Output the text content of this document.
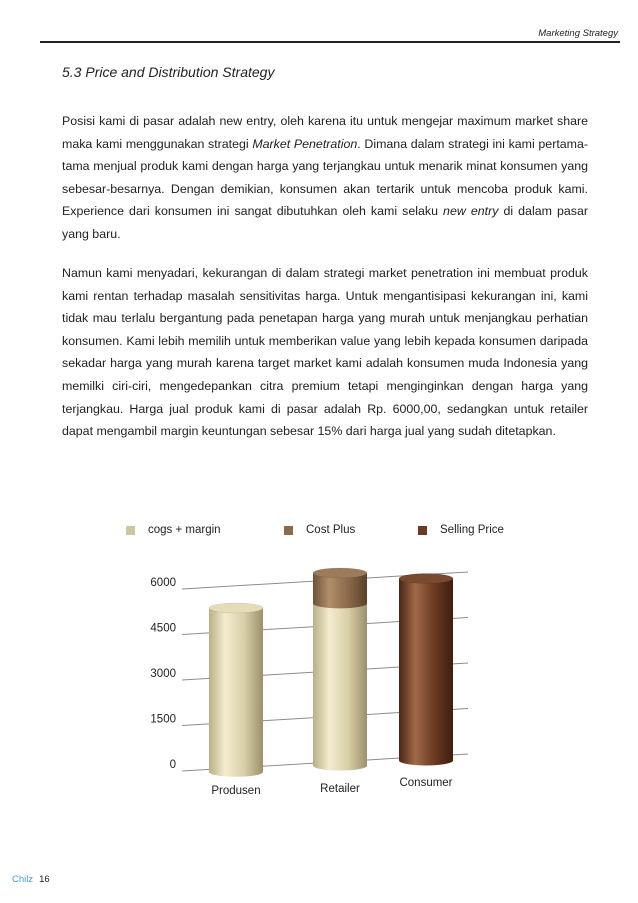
Marketing Strategy
5.3 Price and Distribution Strategy

Posisi kami di pasar adalah new entry, oleh karena itu untuk mengejar maximum market share maka kami menggunakan strategi Market Penetration. Dimana dalam strategi ini kami pertama-tama menjual produk kami dengan harga yang terjangkau untuk menarik minat konsumen yang sebesar-besarnya. Dengan demikian, konsumen akan tertarik untuk mencoba produk kami. Experience dari konsumen ini sangat dibutuhkan oleh kami selaku new entry di dalam pasar yang baru.

Namun kami menyadari, kekurangan di dalam strategi market penetration ini membuat produk kami rentan terhadap masalah sensitivitas harga. Untuk mengantisipasi kekurangan ini, kami tidak mau terlalu bergantung pada penetapan harga yang murah untuk menjangkau perhatian konsumen. Kami lebih memilih untuk memberikan value yang lebih kepada konsumen daripada sekadar harga yang murah karena target market kami adalah konsumen muda Indonesia yang memilki ciri-ciri, mengedepankan citra premium tetapi menginginkan dengan harga yang terjangkau. Harga jual produk kami di pasar adalah Rp. 6000,00, sedangkan untuk retailer dapat mengambil margin keuntungan sebesar 15% dari harga jual yang sudah ditetapkan.

cogs + margin	Cost Plus	Selling Price
0
1500
3000
4500
6000
Produsen	Retailer	Consumer
Chilz 16
